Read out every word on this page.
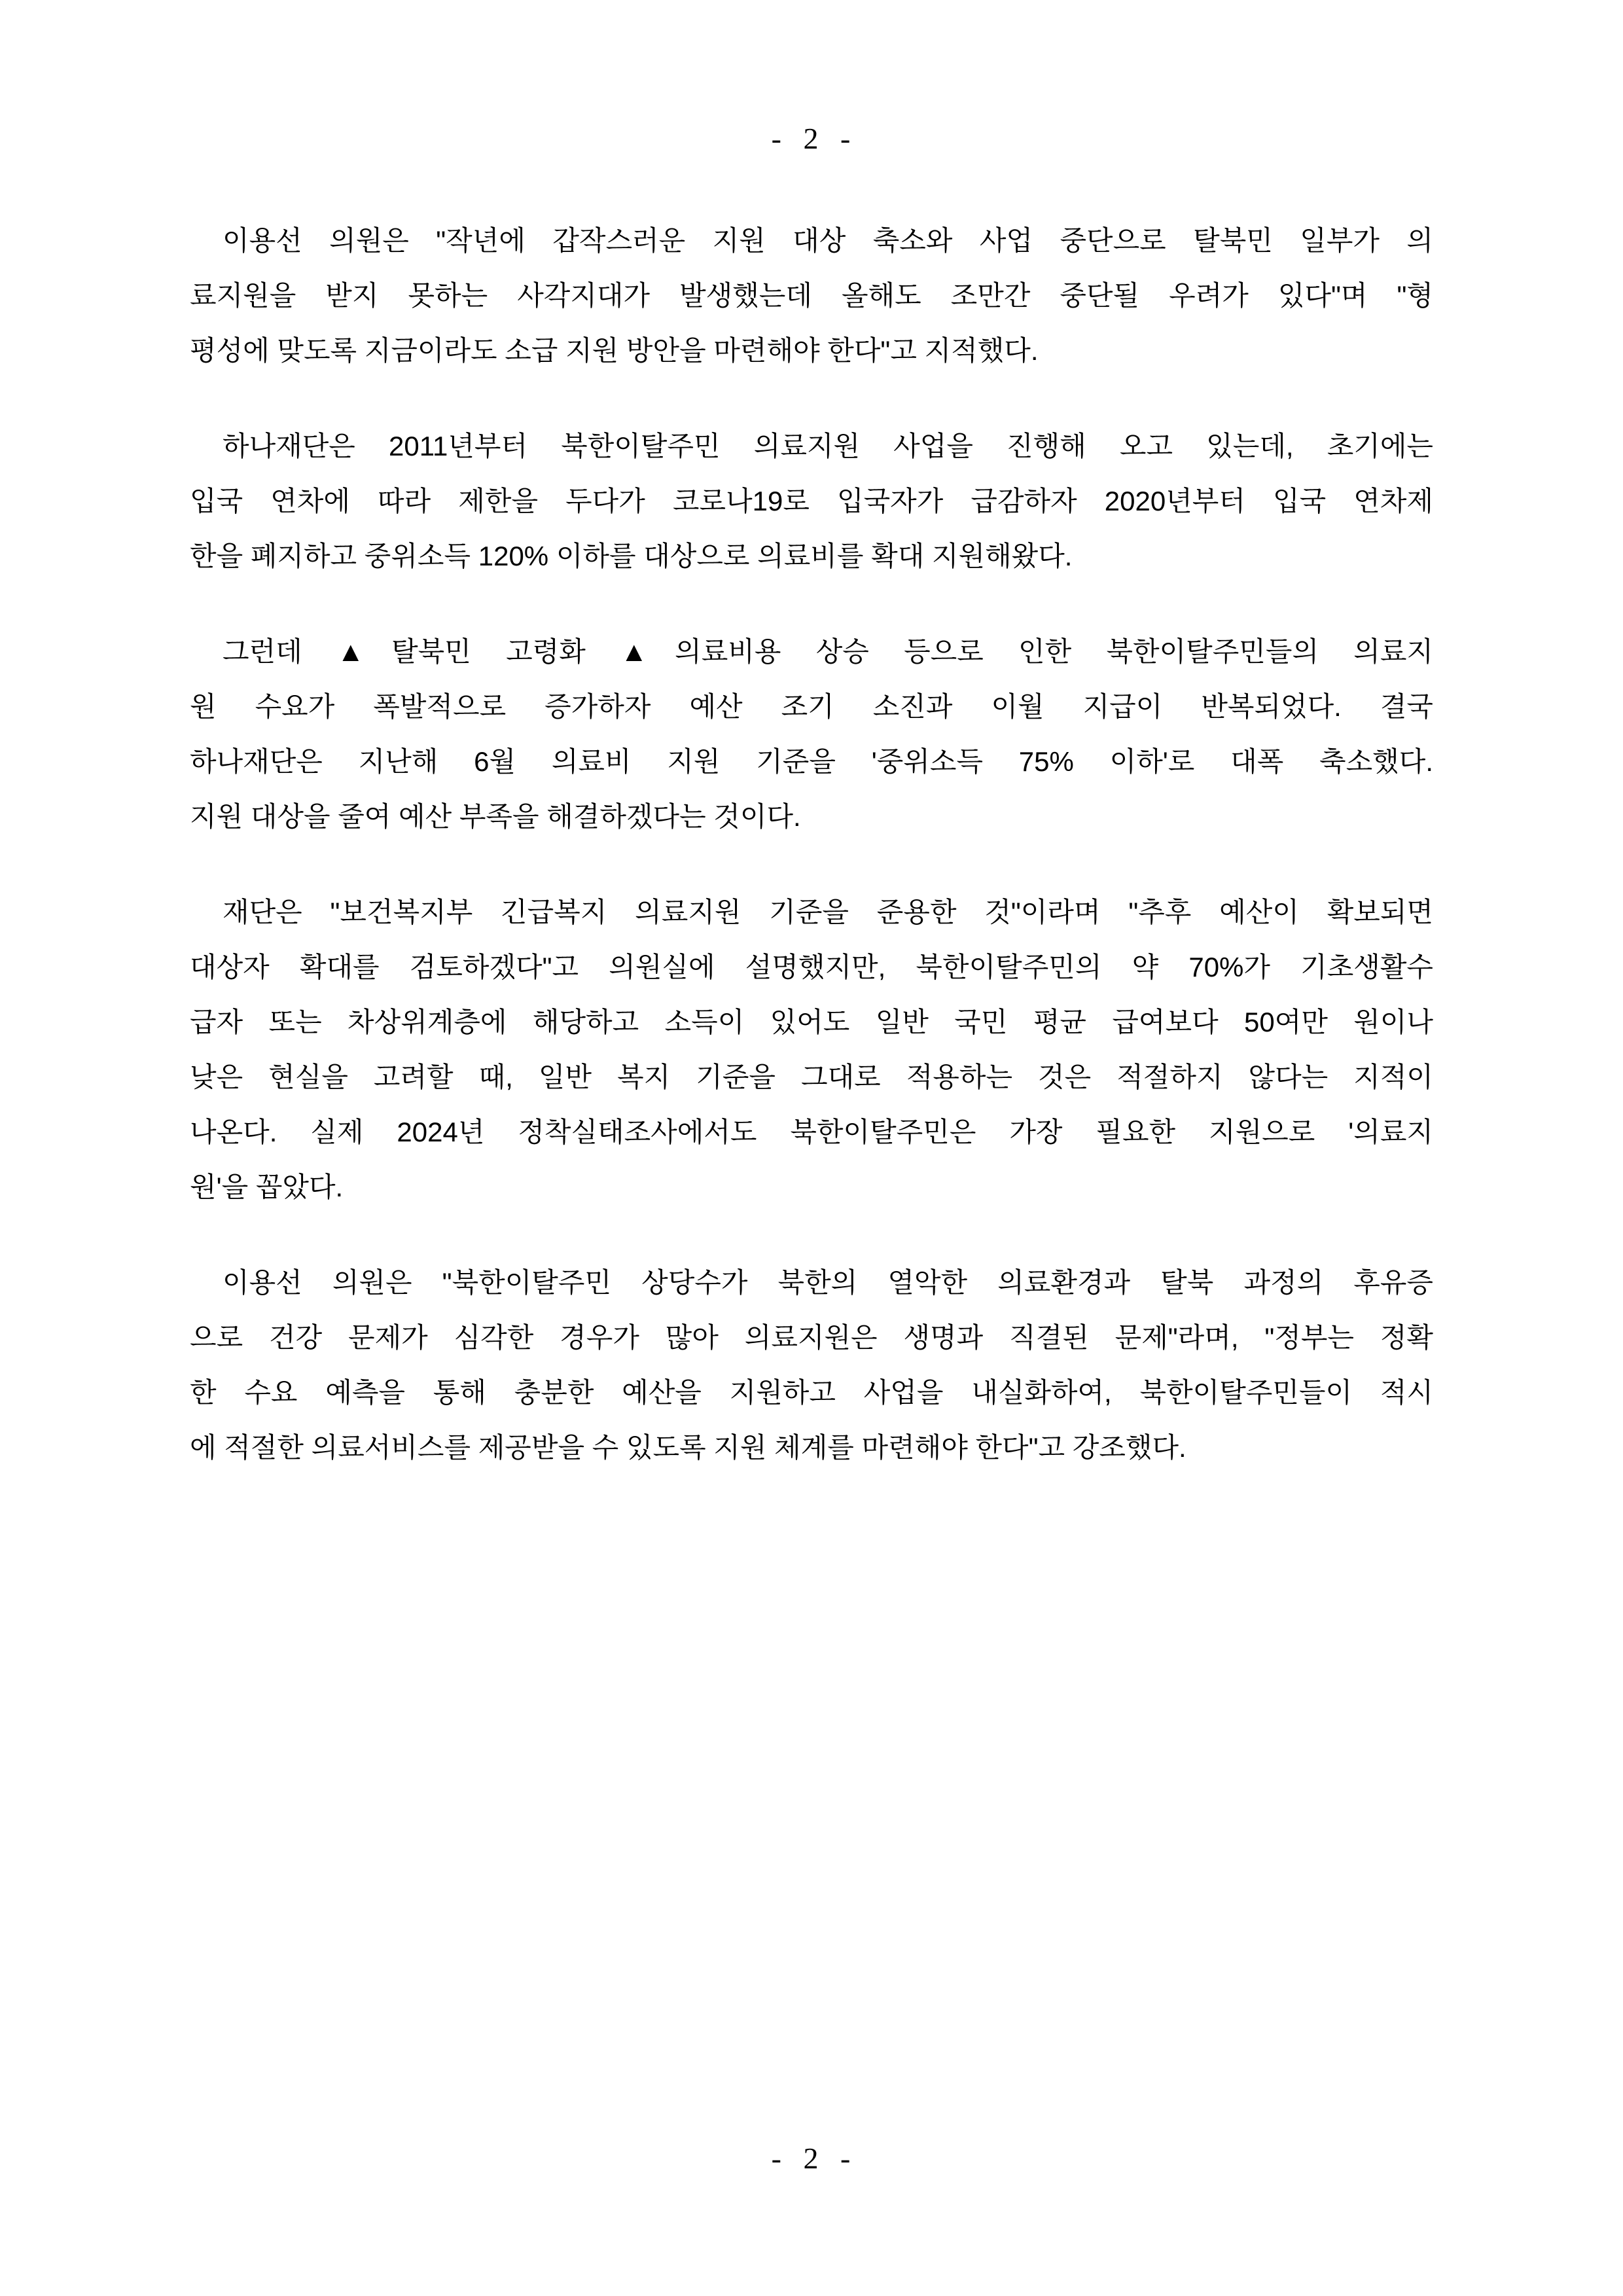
- 2 -
이용선 의원은 "작년에 갑작스러운 지원 대상 축소와 사업 중단으로 탈북민 일부가 의
료지원을 받지 못하는 사각지대가 발생했는데 올해도 조만간 중단될 우려가 있다"며 "형
평성에 맞도록 지금이라도 소급 지원 방안을 마련해야 한다"고 지적했다.
하나재단은 2011년부터 북한이탈주민 의료지원 사업을 진행해 오고 있는데, 초기에는
입국 연차에 따라 제한을 두다가 코로나19로 입국자가 급감하자 2020년부터 입국 연차제
한을 폐지하고 중위소득 120% 이하를 대상으로 의료비를 확대 지원해왔다.
그런데 ▲탈북민 고령화 ▲의료비용 상승 등으로 인한 북한이탈주민들의 의료지
원 수요가 폭발적으로 증가하자 예산 조기 소진과 이월 지급이 반복되었다. 결국
하나재단은 지난해 6월 의료비 지원 기준을 '중위소득 75% 이하'로 대폭 축소했다.
지원 대상을 줄여 예산 부족을 해결하겠다는 것이다.
재단은 "보건복지부 긴급복지 의료지원 기준을 준용한 것"이라며 "추후 예산이 확보되면
대상자 확대를 검토하겠다"고 의원실에 설명했지만, 북한이탈주민의 약 70%가 기초생활수
급자 또는 차상위계층에 해당하고 소득이 있어도 일반 국민 평균 급여보다 50여만 원이나
낮은 현실을 고려할 때, 일반 복지 기준을 그대로 적용하는 것은 적절하지 않다는 지적이
나온다. 실제 2024년 정착실태조사에서도 북한이탈주민은 가장 필요한 지원으로 '의료지
원'을 꼽았다.
이용선 의원은 "북한이탈주민 상당수가 북한의 열악한 의료환경과 탈북 과정의 후유증
으로 건강 문제가 심각한 경우가 많아 의료지원은 생명과 직결된 문제"라며, "정부는 정확
한 수요 예측을 통해 충분한 예산을 지원하고 사업을 내실화하여, 북한이탈주민들이 적시
에 적절한 의료서비스를 제공받을 수 있도록 지원 체계를 마련해야 한다"고 강조했다.
- 2 -
